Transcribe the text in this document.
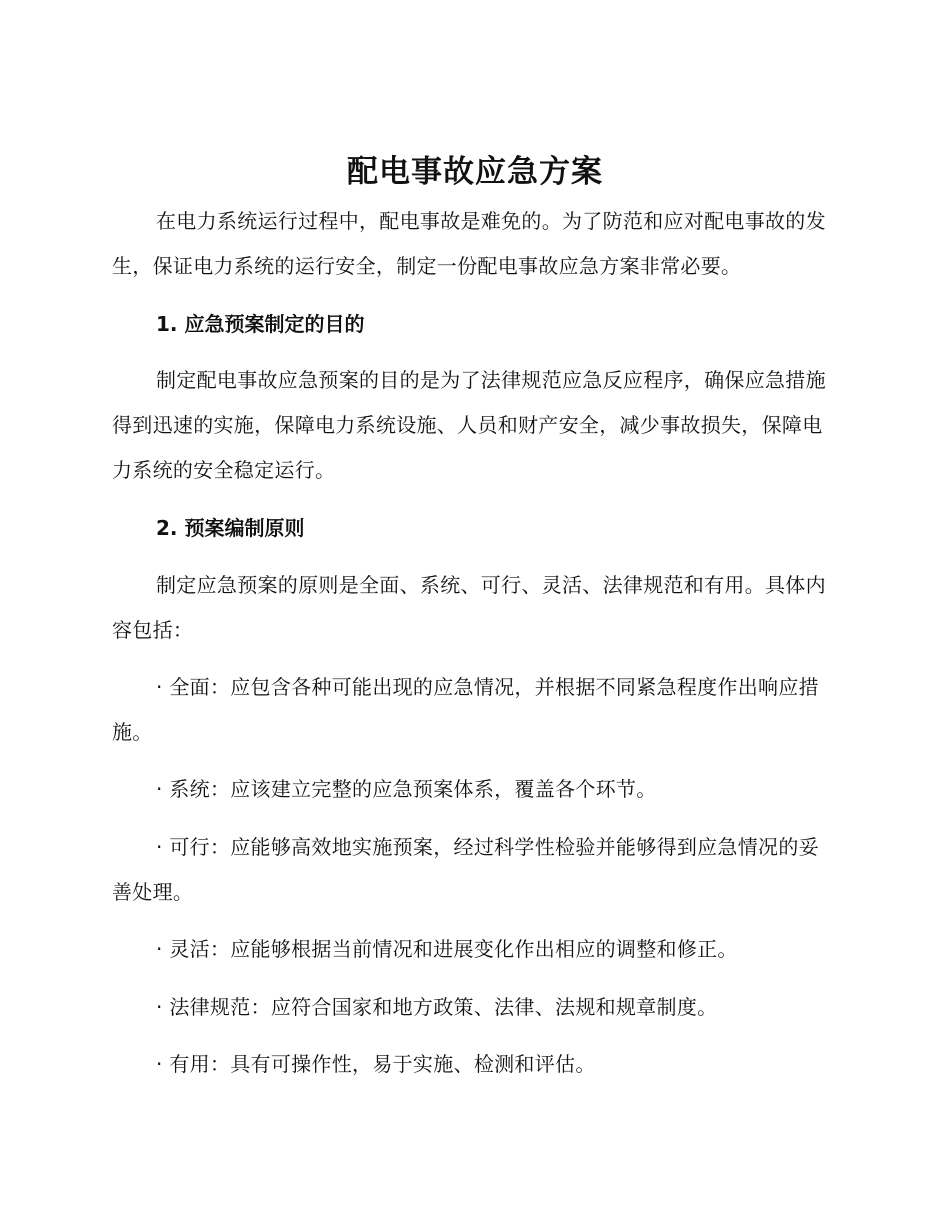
配电事故应急方案
在电力系统运行过程中，配电事故是难免的。为了防范和应对配电事故的发生，保证电力系统的运行安全，制定一份配电事故应急方案非常必要。
1. 应急预案制定的目的
制定配电事故应急预案的目的是为了法律规范应急反应程序，确保应急措施得到迅速的实施，保障电力系统设施、人员和财产安全，减少事故损失，保障电力系统的安全稳定运行。
2. 预案编制原则
制定应急预案的原则是全面、系统、可行、灵活、法律规范和有用。具体内容包括：
· 全面：应包含各种可能出现的应急情况，并根据不同紧急程度作出响应措施。
· 系统：应该建立完整的应急预案体系，覆盖各个环节。
· 可行：应能够高效地实施预案，经过科学性检验并能够得到应急情况的妥善处理。
· 灵活：应能够根据当前情况和进展变化作出相应的调整和修正。
· 法律规范：应符合国家和地方政策、法律、法规和规章制度。
· 有用：具有可操作性，易于实施、检测和评估。
